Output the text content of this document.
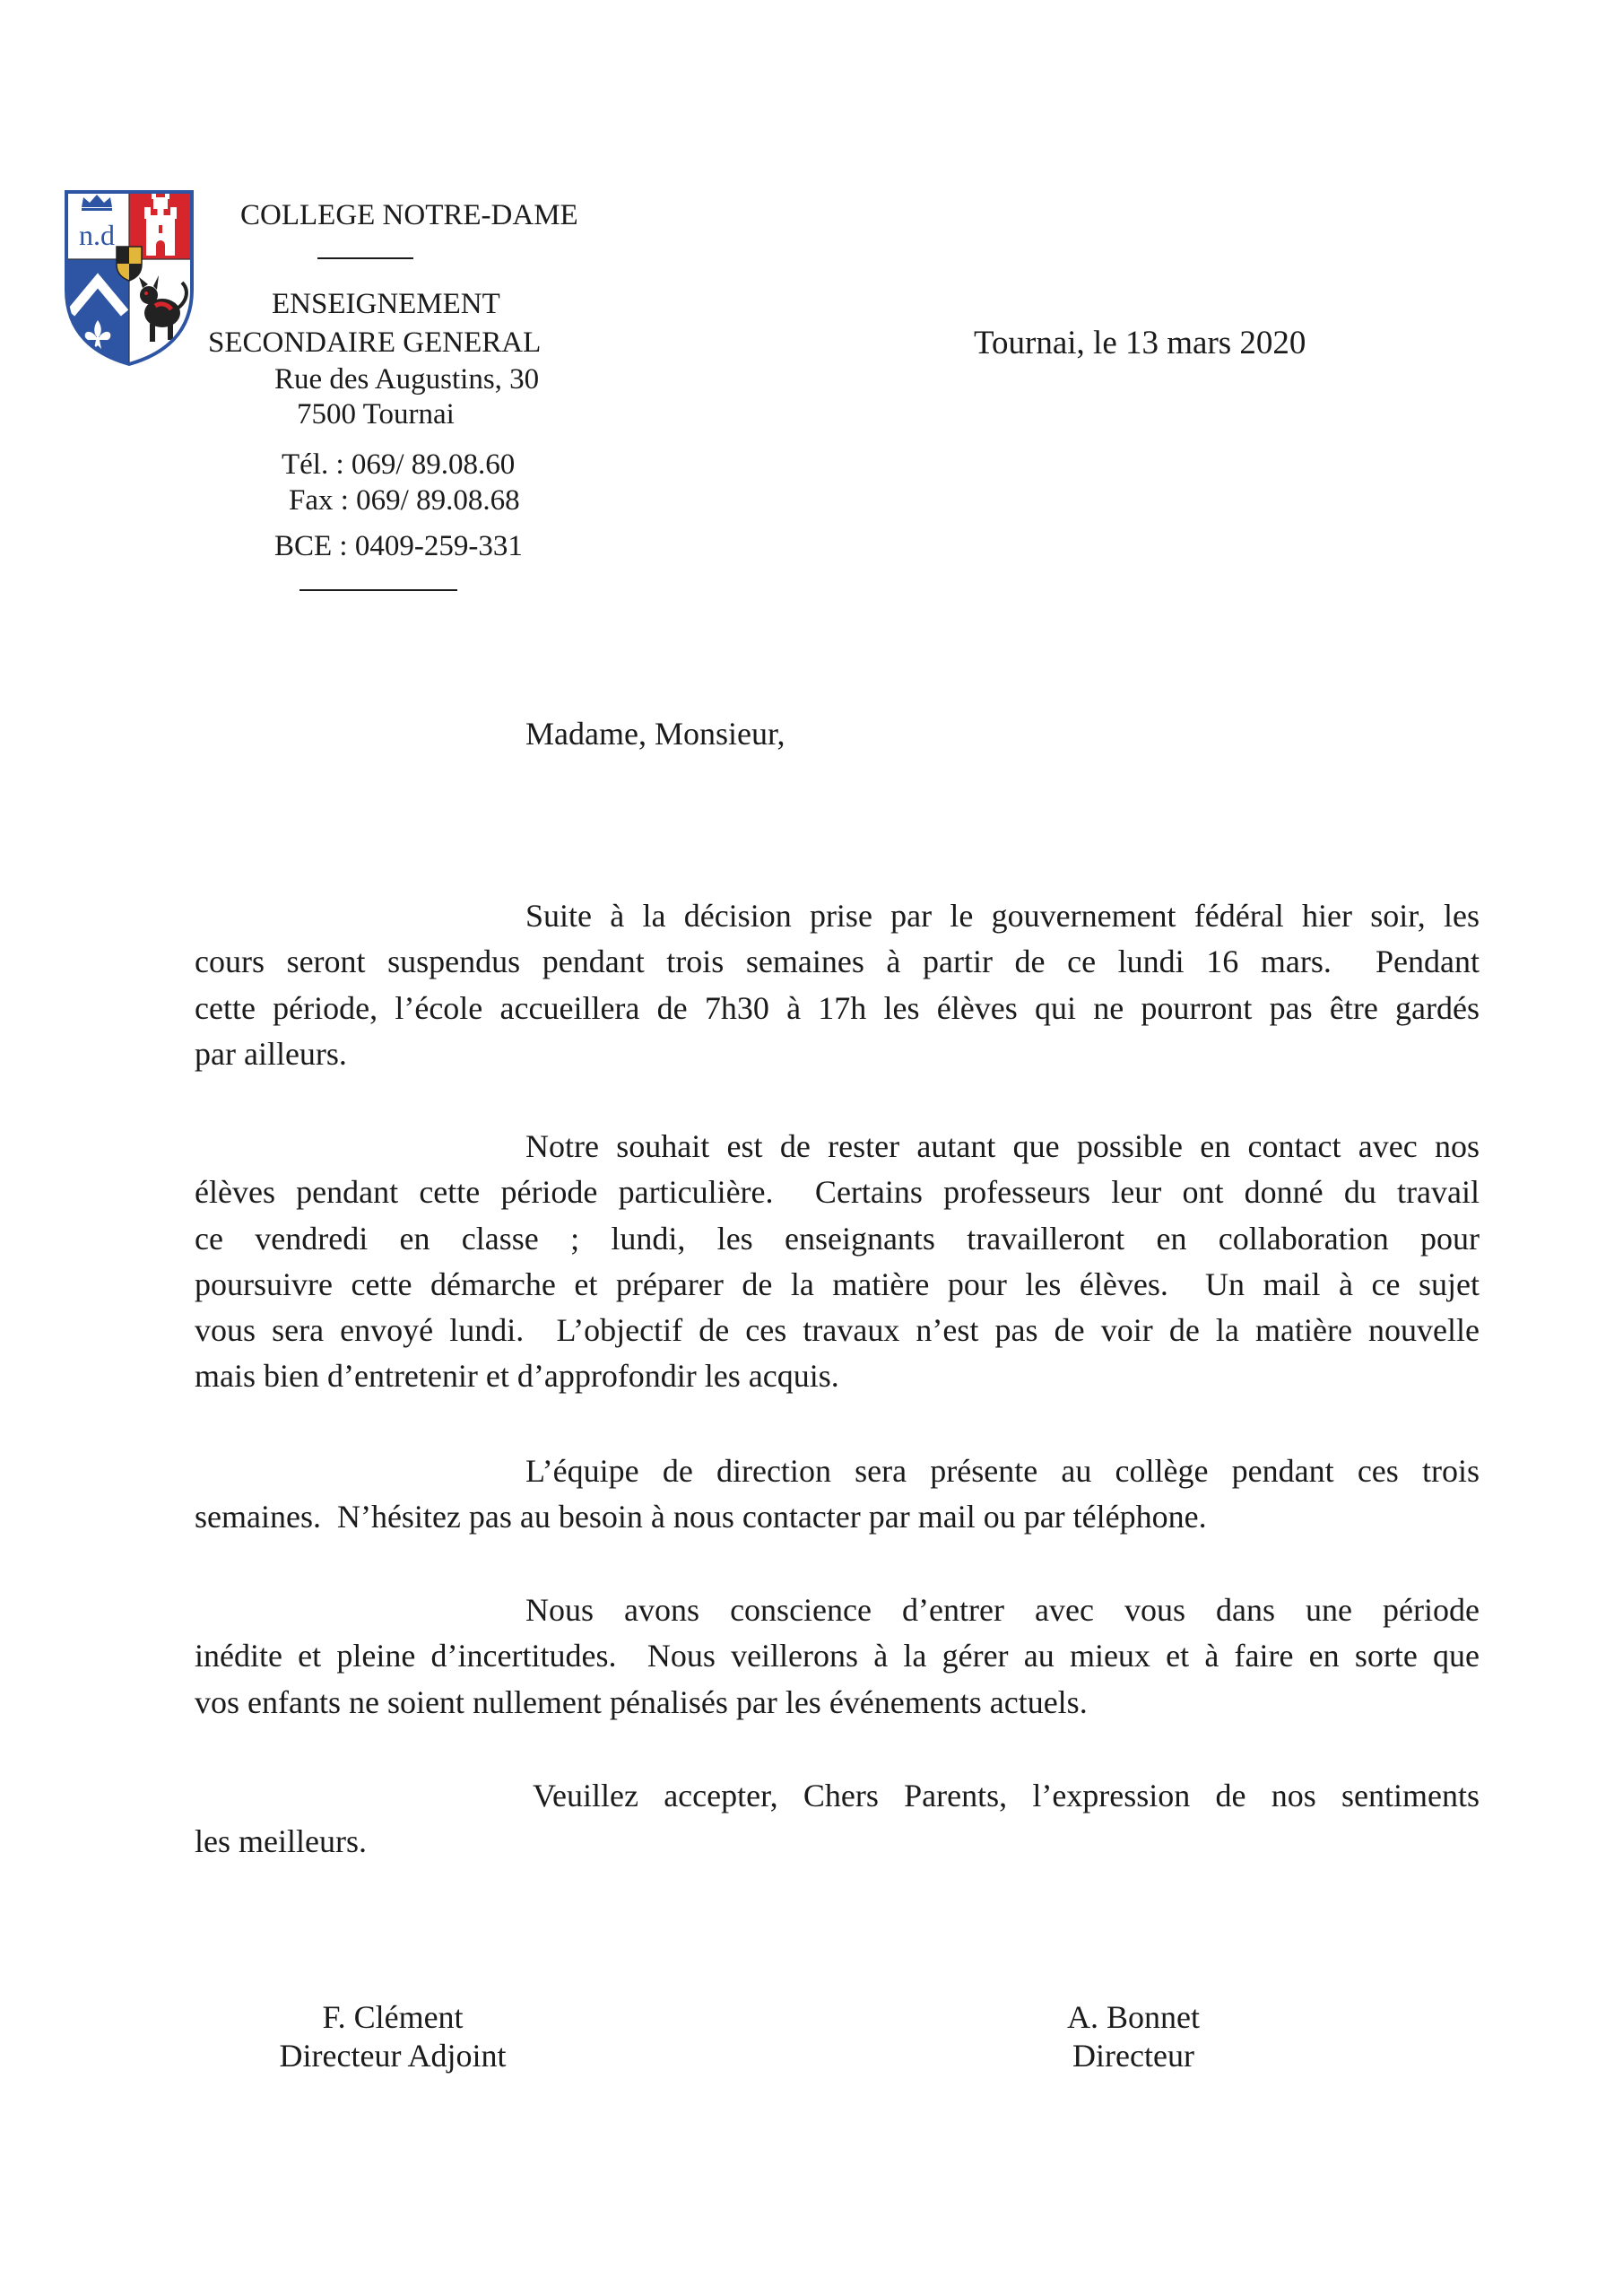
n.d
COLLEGE NOTRE-DAME
ENSEIGNEMENT
SECONDAIRE GENERAL
Rue des Augustins, 30
7500 Tournai
Tél. : 069/ 89.08.60
Fax : 069/ 89.08.68
BCE : 0409-259-331
Tournai, le 13 mars 2020
Madame, Monsieur,
Suite à la décision prise par le gouvernement fédéral hier soir, les
cours seront suspendus pendant trois semaines à partir de ce lundi 16 mars.  Pendant
cette période, l’école accueillera de 7h30 à 17h les élèves qui ne pourront pas être gardés
par ailleurs.
Notre souhait est de rester autant que possible en contact avec nos
élèves pendant cette période particulière.  Certains professeurs leur ont donné du travail
ce vendredi en classe ; lundi, les enseignants travailleront en collaboration pour
poursuivre cette démarche et préparer de la matière pour les élèves.  Un mail à ce sujet
vous sera envoyé lundi.  L’objectif de ces travaux n’est pas de voir de la matière nouvelle
mais bien d’entretenir et d’approfondir les acquis.
L’équipe de direction sera présente au collège pendant ces trois
semaines.  N’hésitez pas au besoin à nous contacter par mail ou par téléphone.
Nous avons conscience d’entrer avec vous dans une période
inédite et pleine d’incertitudes.  Nous veillerons à la gérer au mieux et à faire en sorte que
vos enfants ne soient nullement pénalisés par les événements actuels.
Veuillez accepter, Chers Parents, l’expression de nos sentiments
les meilleurs.
F. Clément
Directeur Adjoint
A. Bonnet
Directeur
